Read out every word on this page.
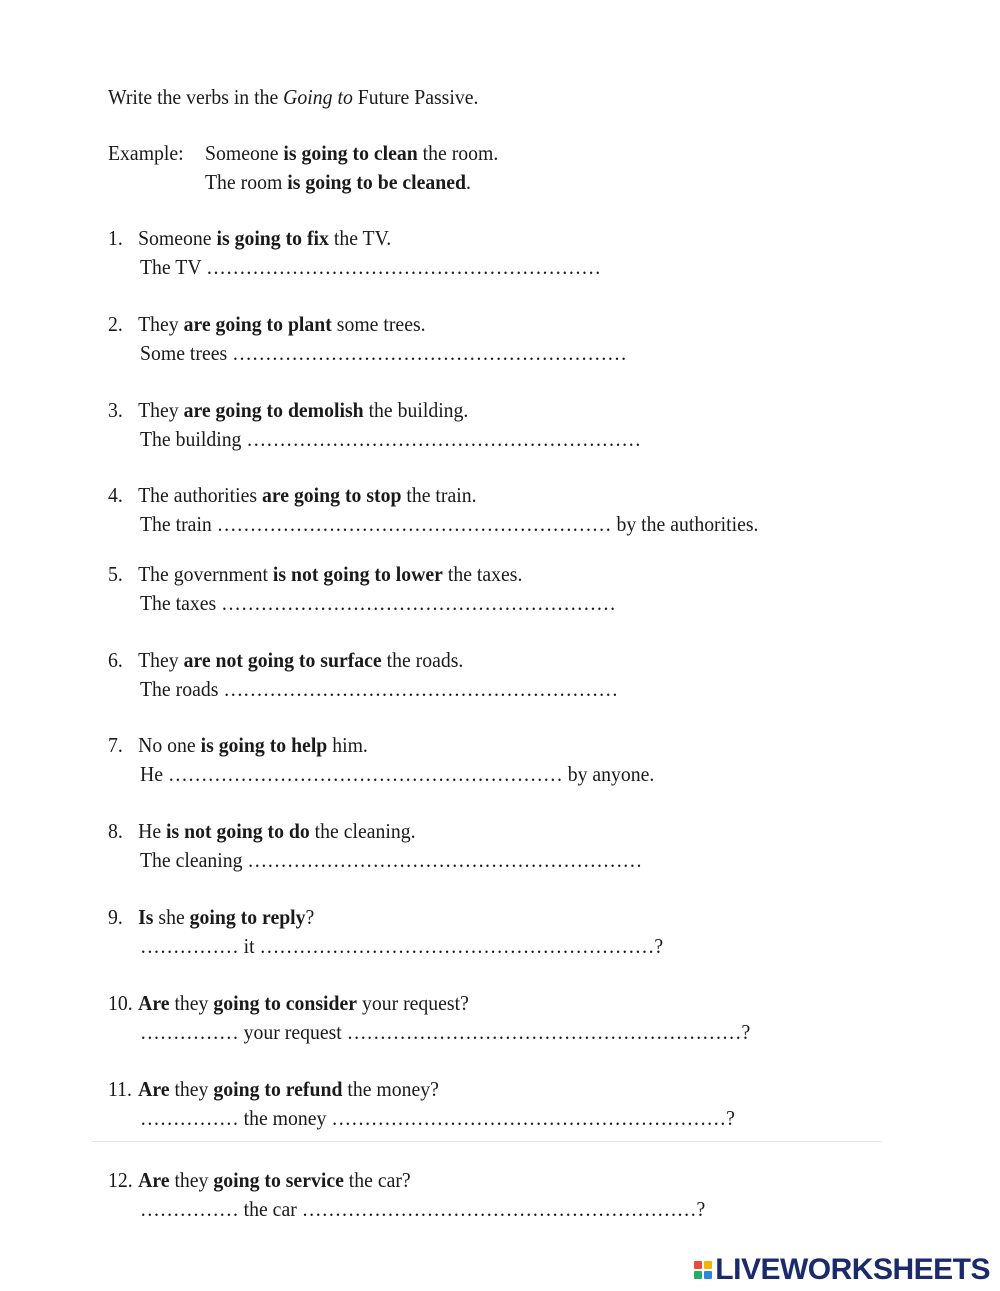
Write the verbs in the Going to Future Passive.

Example: Someone is going to clean the room.

The room is going to be cleaned.

1. Someone is going to fix the TV.

The TV ……………………………………………………

2. They are going to plant some trees.

Some trees ……………………………………………………

3. They are going to demolish the building.

The building ……………………………………………………

4. The authorities are going to stop the train.

The train …………………………………………………… by the authorities.

5. The government is not going to lower the taxes.

The taxes ……………………………………………………

6. They are not going to surface the roads.

The roads ……………………………………………………

7. No one is going to help him.

He …………………………………………………… by anyone.

8. He is not going to do the cleaning.

The cleaning ……………………………………………………

9. Is she going to reply?

…………… it ……………………………………………………?

10. Are they going to consider your request?

…………… your request ……………………………………………………?

11. Are they going to refund the money?

…………… the money ……………………………………………………?

12. Are they going to service the car?

…………… the car ……………………………………………………?

LIVEWORKSHEETS
